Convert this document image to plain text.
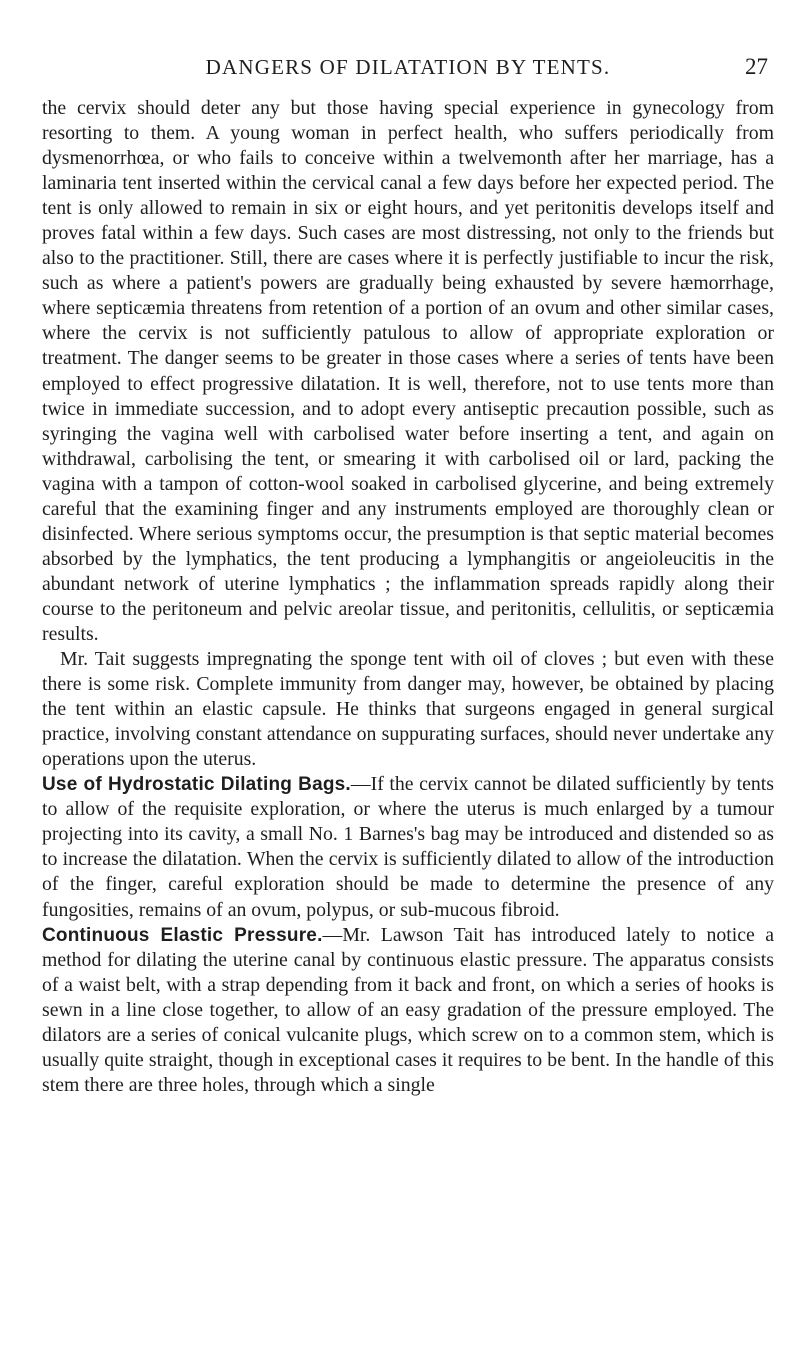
DANGERS OF DILATATION BY TENTS.	27

the cervix should deter any but those having special experience in gynecology from resorting to them. A young woman in perfect health, who suffers periodically from dysmenorrhœa, or who fails to conceive within a twelvemonth after her marriage, has a laminaria tent inserted within the cervical canal a few days before her expected period. The tent is only allowed to remain in six or eight hours, and yet peritonitis develops itself and proves fatal within a few days. Such cases are most distressing, not only to the friends but also to the practitioner. Still, there are cases where it is perfectly justifiable to incur the risk, such as where a patient's powers are gradually being exhausted by severe hæmorrhage, where septicæmia threatens from retention of a portion of an ovum and other similar cases, where the cervix is not sufficiently patulous to allow of appropriate exploration or treatment. The danger seems to be greater in those cases where a series of tents have been employed to effect progressive dilatation. It is well, therefore, not to use tents more than twice in immediate succession, and to adopt every antiseptic precaution possible, such as syringing the vagina well with carbolised water before inserting a tent, and again on withdrawal, carbolising the tent, or smearing it with carbolised oil or lard, packing the vagina with a tampon of cotton-wool soaked in carbolised glycerine, and being extremely careful that the examining finger and any instruments employed are thoroughly clean or disinfected. Where serious symptoms occur, the presumption is that septic material becomes absorbed by the lymphatics, the tent producing a lymphangitis or angeioleucitis in the abundant network of uterine lymphatics ; the inflammation spreads rapidly along their course to the peritoneum and pelvic areolar tissue, and peritonitis, cellulitis, or septicæmia results.

Mr. Tait suggests impregnating the sponge tent with oil of cloves ; but even with these there is some risk. Complete immunity from danger may, however, be obtained by placing the tent within an elastic capsule. He thinks that surgeons engaged in general surgical practice, involving constant attendance on suppurating surfaces, should never undertake any operations upon the uterus.

Use of Hydrostatic Dilating Bags.—If the cervix cannot be dilated sufficiently by tents to allow of the requisite exploration, or where the uterus is much enlarged by a tumour projecting into its cavity, a small No. 1 Barnes's bag may be introduced and distended so as to increase the dilatation. When the cervix is sufficiently dilated to allow of the introduction of the finger, careful exploration should be made to determine the presence of any fungosities, remains of an ovum, polypus, or sub-mucous fibroid.

Continuous Elastic Pressure.—Mr. Lawson Tait has introduced lately to notice a method for dilating the uterine canal by continuous elastic pressure. The apparatus consists of a waist belt, with a strap depending from it back and front, on which a series of hooks is sewn in a line close together, to allow of an easy gradation of the pressure employed. The dilators are a series of conical vulcanite plugs, which screw on to a common stem, which is usually quite straight, though in exceptional cases it requires to be bent. In the handle of this stem there are three holes, through which a single
